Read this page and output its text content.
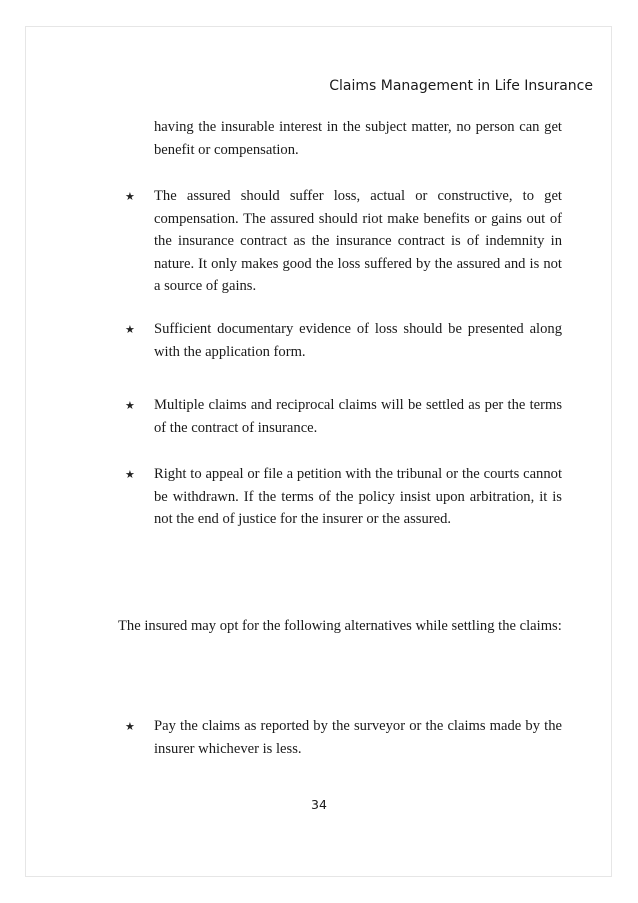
Claims Management in Life Insurance
having the insurable interest in the subject matter, no person can get benefit or compensation.
★	The assured should suffer loss, actual or constructive, to get compensation. The assured should riot make benefits or gains out of the insurance contract as the insurance contract is of indemnity in nature. It only makes good the loss suffered by the assured and is not a source of gains.
★	Sufficient documentary evidence of loss should be presented along with the application form.
★	Multiple claims and reciprocal claims will be settled as per the terms of the contract of insurance.
★	Right to appeal or file a petition with the tribunal or the courts cannot be withdrawn. If the terms of the policy insist upon arbitration, it is not the end of justice for the insurer or the assured.
The insured may opt for the following alternatives while settling the claims:
★	Pay the claims as reported by the surveyor or the claims made by the insurer whichever is less.
34
